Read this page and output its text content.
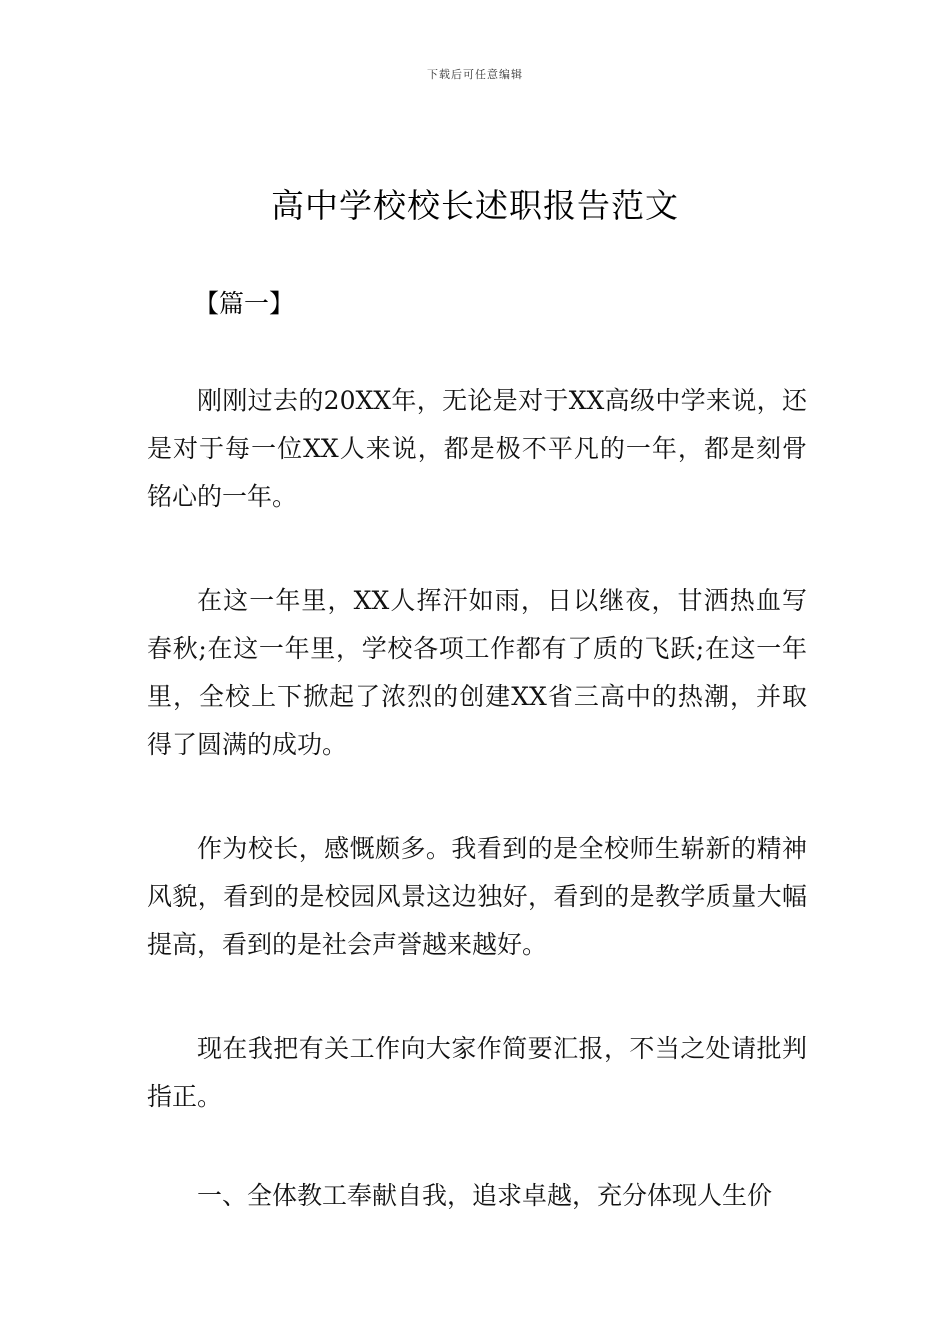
下载后可任意编辑
高中学校校长述职报告范文
【篇一】

刚刚过去的20XX年，无论是对于XX高级中学来说，还是对于每一位XX人来说，都是极不平凡的一年，都是刻骨铭心的一年。

在这一年里，XX人挥汗如雨，日以继夜，甘洒热血写春秋;在这一年里，学校各项工作都有了质的飞跃;在这一年里，全校上下掀起了浓烈的创建XX省三高中的热潮，并取得了圆满的成功。

作为校长，感慨颇多。我看到的是全校师生崭新的精神风貌，看到的是校园风景这边独好，看到的是教学质量大幅提高，看到的是社会声誉越来越好。

现在我把有关工作向大家作简要汇报，不当之处请批判指正。

一、全体教工奉献自我，追求卓越，充分体现人生价
